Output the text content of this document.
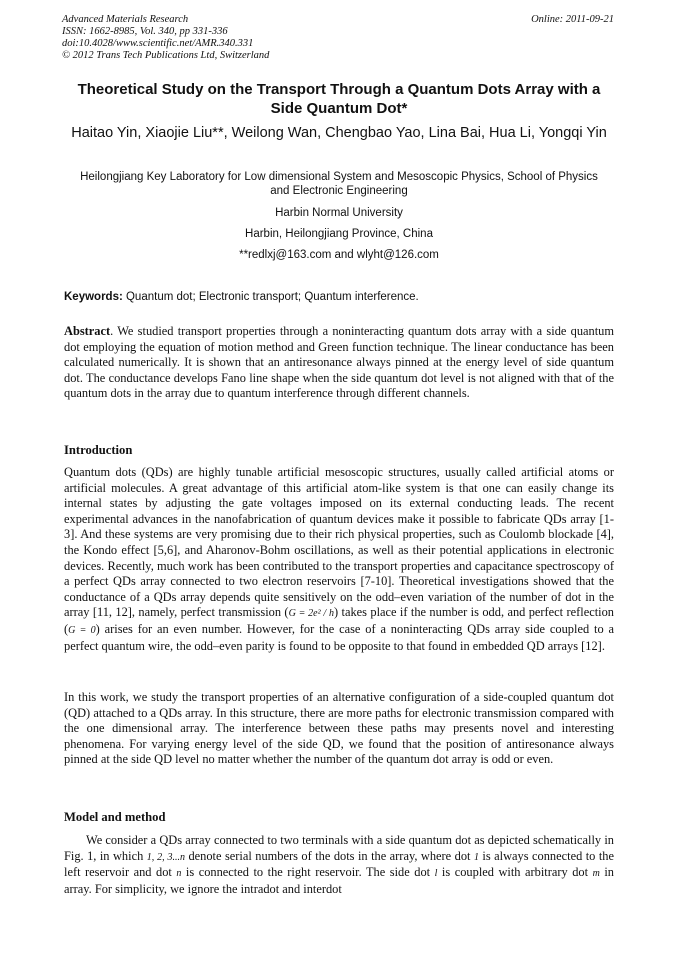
Advanced Materials Research
ISSN: 1662-8985, Vol. 340, pp 331-336
doi:10.4028/www.scientific.net/AMR.340.331
© 2012 Trans Tech Publications Ltd, Switzerland
Online: 2011-09-21
Theoretical Study on the Transport Through a Quantum Dots Array with a Side Quantum Dot*
Haitao Yin, Xiaojie Liu**, Weilong Wan, Chengbao Yao, Lina Bai, Hua Li, Yongqi Yin
Heilongjiang Key Laboratory for Low dimensional System and Mesoscopic Physics, School of Physics and Electronic Engineering
Harbin Normal University
Harbin, Heilongjiang Province, China
**redlxj@163.com and wlyht@126.com
Keywords: Quantum dot; Electronic transport; Quantum interference.
Abstract. We studied transport properties through a noninteracting quantum dots array with a side quantum dot employing the equation of motion method and Green function technique. The linear conductance has been calculated numerically. It is shown that an antiresonance always pinned at the energy level of side quantum dot. The conductance develops Fano line shape when the side quantum dot level is not aligned with that of the quantum dots in the array due to quantum interference through different channels.
Introduction
Quantum dots (QDs) are highly tunable artificial mesoscopic structures, usually called artificial atoms or artificial molecules. A great advantage of this artificial atom-like system is that one can easily change its internal states by adjusting the gate voltages imposed on its external conducting leads. The recent experimental advances in the nanofabrication of quantum devices make it possible to fabricate QDs array [1-3]. And these systems are very promising due to their rich physical properties, such as Coulomb blockade [4], the Kondo effect [5,6], and Aharonov-Bohm oscillations, as well as their potential applications in electronic devices. Recently, much work has been contributed to the transport properties and capacitance spectroscopy of a perfect QDs array connected to two electron reservoirs [7-10]. Theoretical investigations showed that the conductance of a QDs array depends quite sensitively on the odd–even variation of the number of dot in the array [11, 12], namely, perfect transmission (G = 2e² / h) takes place if the number is odd, and perfect reflection (G = 0) arises for an even number. However, for the case of a noninteracting QDs array side coupled to a perfect quantum wire, the odd–even parity is found to be opposite to that found in embedded QD arrays [12].
In this work, we study the transport properties of an alternative configuration of a side-coupled quantum dot (QD) attached to a QDs array. In this structure, there are more paths for electronic transmission compared with the one dimensional array. The interference between these paths may presents novel and interesting phenomena. For varying energy level of the side QD, we found that the position of antiresonance always pinned at the side QD level no matter whether the number of the quantum dot array is odd or even.
Model and method
We consider a QDs array connected to two terminals with a side quantum dot as depicted schematically in Fig. 1, in which 1, 2, 3...n denote serial numbers of the dots in the array, where dot 1 is always connected to the left reservoir and dot n is connected to the right reservoir. The side dot l is coupled with arbitrary dot m in array. For simplicity, we ignore the intradot and interdot
